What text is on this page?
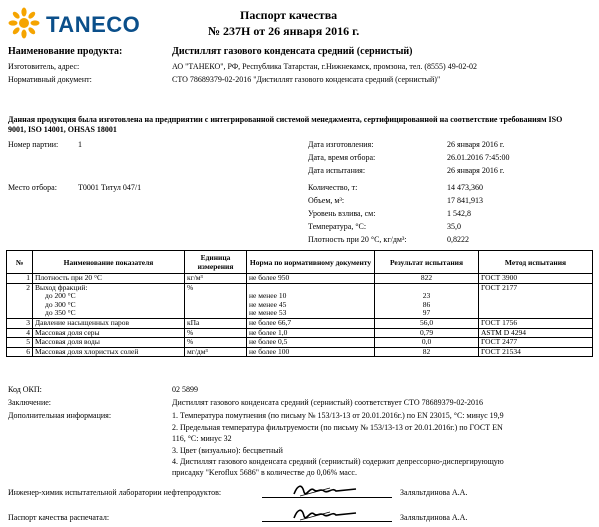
TANECO	Паспорт качества
№ 237Н от 26 января 2016 г.
Наименование продукта:	Дистиллят газового конденсата средний (сернистый)
Изготовитель, адрес:	АО "ТАНЕКО", РФ, Республика Татарстан, г.Нижнекамск, промзона, тел. (8555) 49-02-02
Нормативный документ:	СТО 78689379-02-2016 "Дистиллят газового конденсата средний (сернистый)"
Данная продукция была изготовлена на предприятии с интегрированной системой менеджмента, сертифицированной на соответствие требованиям ISO 9001, ISO 14001, OHSAS 18001
Номер партии: 1
Место отбора:	Т0001 Титул 047/1
Дата изготовления:	26 января 2016 г.
Дата, время отбора:	26.01.2016 7:45:00
Дата испытания:	26 января 2016 г.
Количество, т:	14 473,360
Объем, м³:	17 841,913
Уровень взлива, см:	1 542,8
Температура, °С:	35,0
Плотность при 20 °С, кг/дм³:	0,8222
№	Наименование показателя	Единица измерения	Норма по нормативному документу	Результат испытания	Метод испытания
1	Плотность при 20 °С	кг/м³	не более 950	822	ГОСТ 3900
2	Выход фракций:	%			ГОСТ 2177
	до 200 °С		не менее 10	23	
	до 300 °С		не менее 45	86	
	до 350 °С		не менее 53	97	
3	Давление насыщенных паров	кПа	не более 66,7	56,0	ГОСТ 1756
4	Массовая доля серы	%	не более 1,0	0,79	ASTM D 4294
5	Массовая доля воды	%	не более 0,5	0,0	ГОСТ 2477
6	Массовая доля хлористых солей	мг/дм³	не более 100	82	ГОСТ 21534
Код ОКП:	02 5899
Заключение:	Дистиллят газового конденсата средний (сернистый) соответствует СТО 78689379-02-2016
Дополнительная информация:	1. Температура помутнения (по письму № 153/13-13 от 20.01.2016г.) по EN 23015, °С: минус 19,9
2. Предельная температура фильтруемости (по письму № 153/13-13 от 20.01.2016г.) по ГОСТ EN
116, °С: минус 32
3. Цвет (визуально): бесцветный
4. Дистиллят газового конденсата средний (сернистый) содержит депрессорно-диспергирующую
присадку "Keroflux 5686" в количестве до 0,06% масс.
Инженер-химик испытательной лаборатории нефтепродуктов:	Заляльтдинова А.А.
Паспорт качества распечатал:	Заляльтдинова А.А.
